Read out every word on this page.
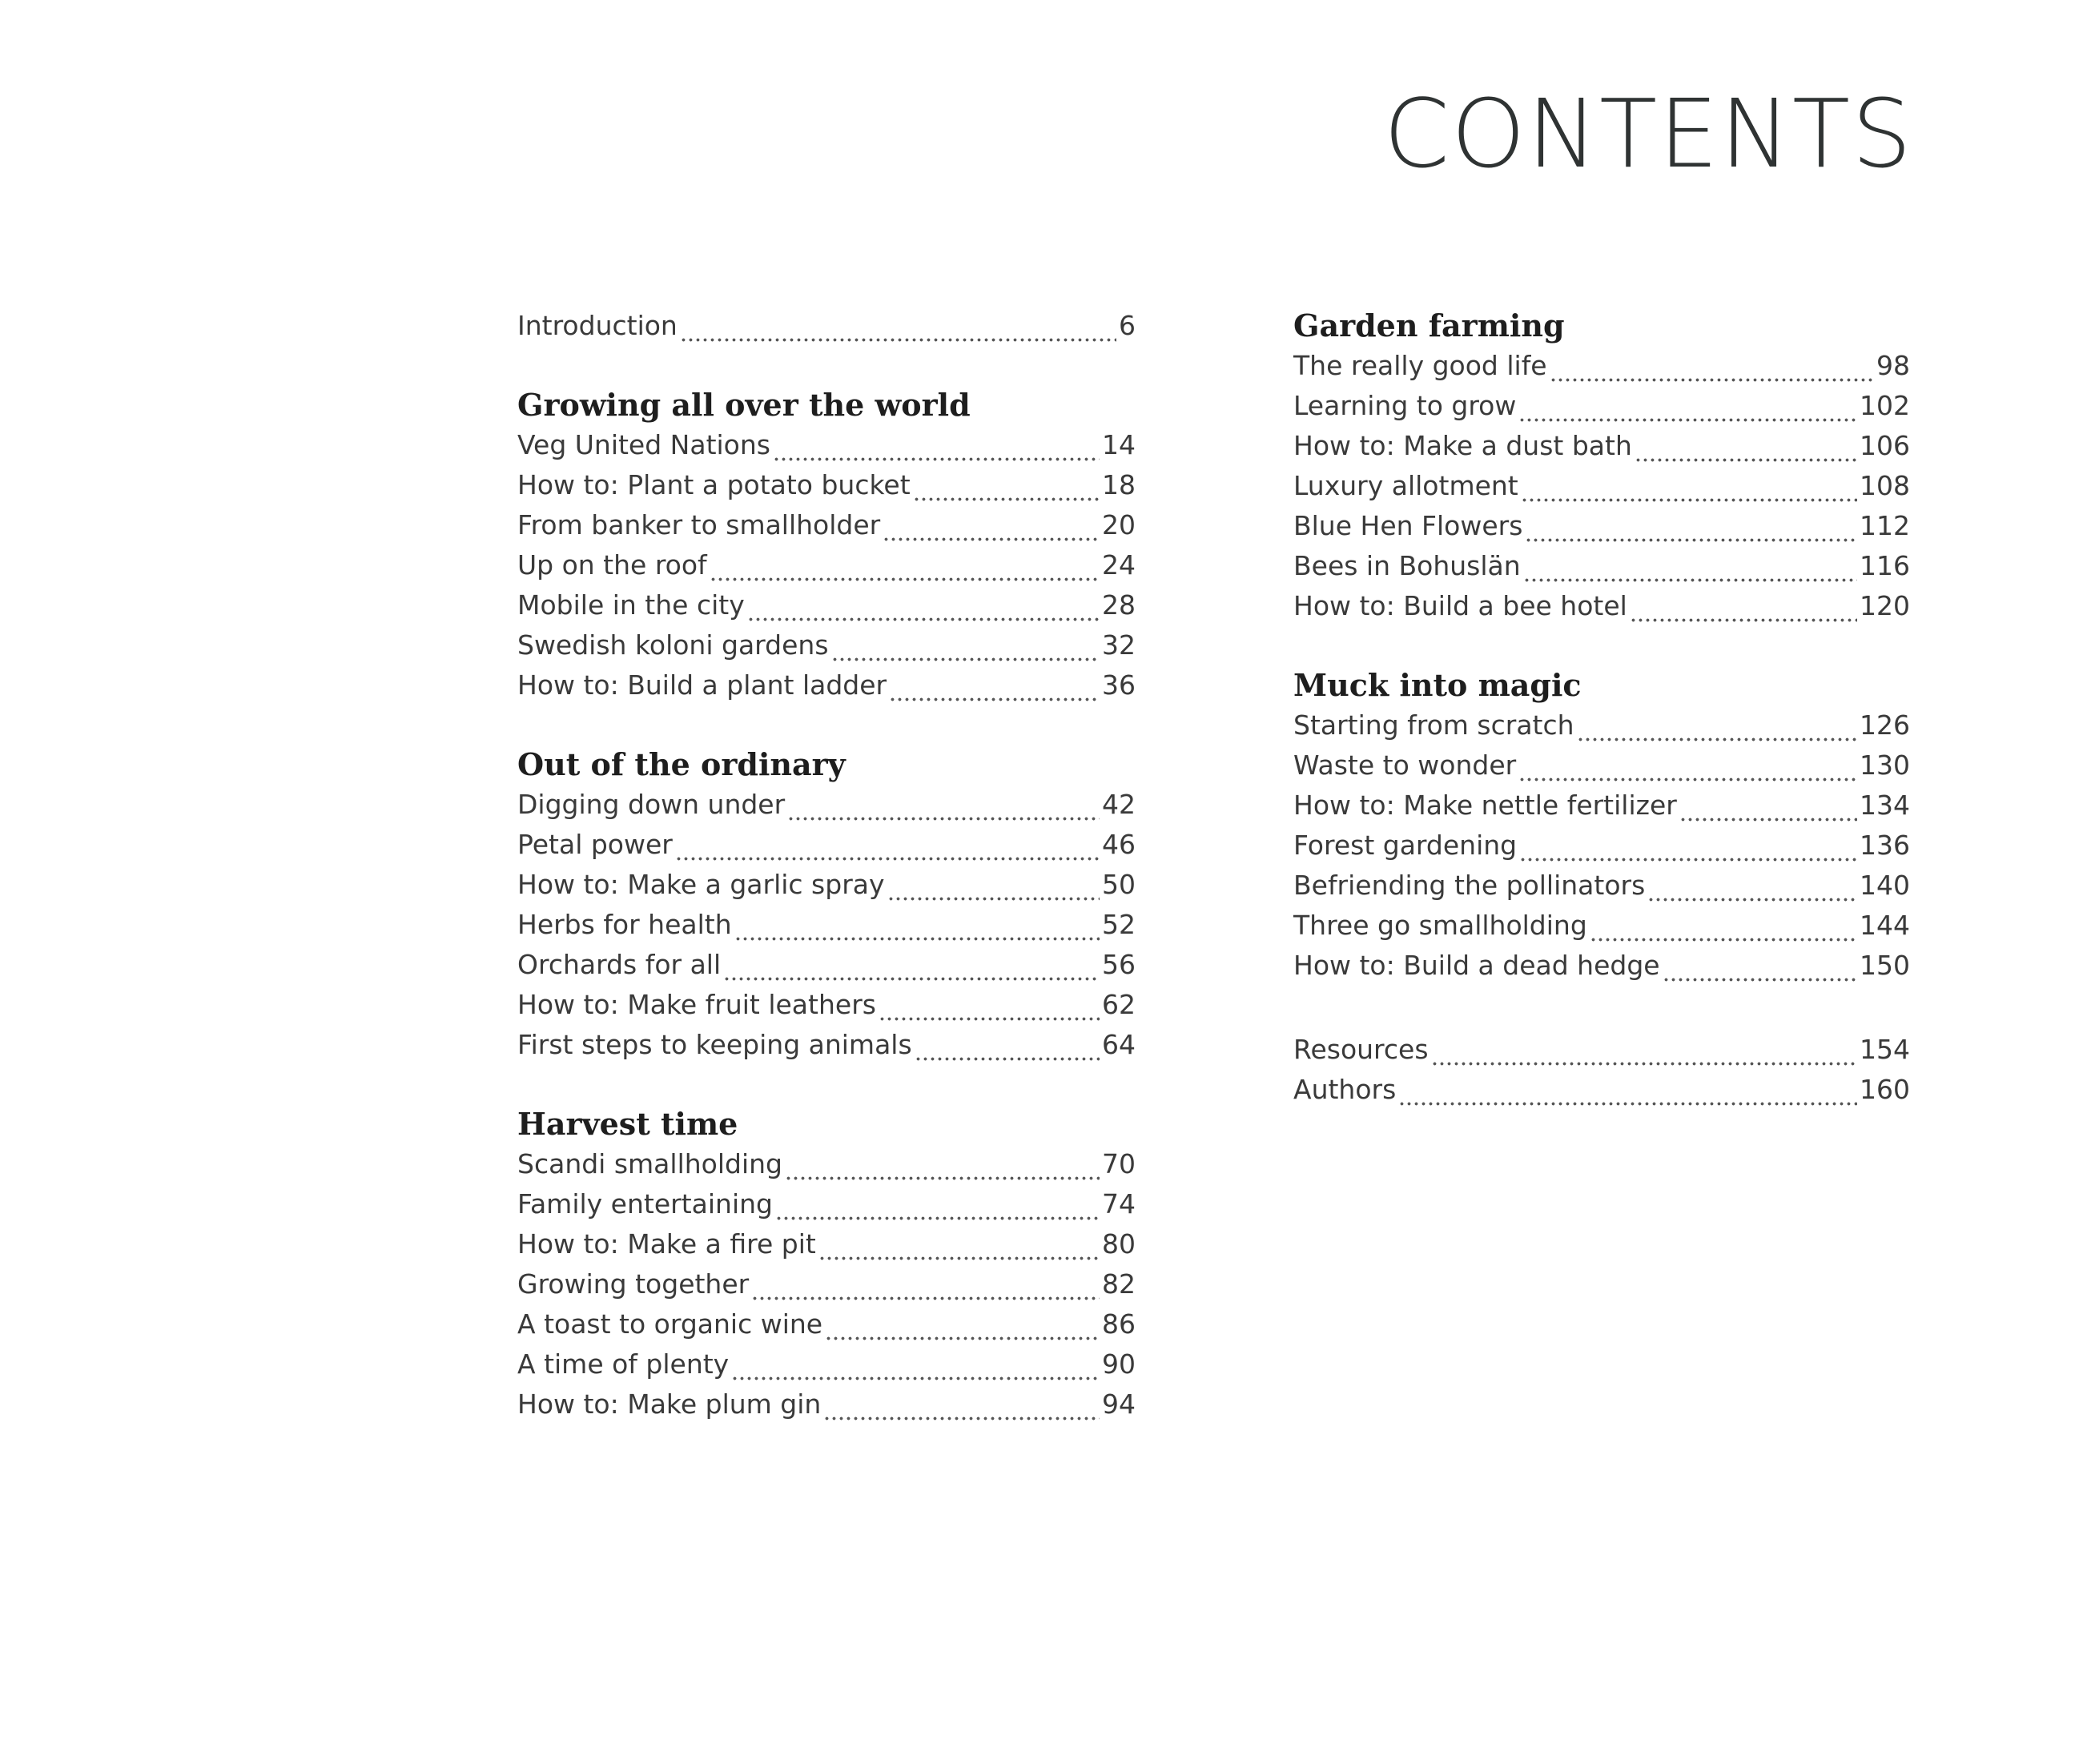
CONTENTS
Introduction	6
Growing all over the world
Veg United Nations	14
How to: Plant a potato bucket	18
From banker to smallholder	20
Up on the roof	24
Mobile in the city	28
Swedish koloni gardens	32
How to: Build a plant ladder	36
Out of the ordinary
Digging down under	42
Petal power	46
How to: Make a garlic spray	50
Herbs for health	52
Orchards for all	56
How to: Make fruit leathers	62
First steps to keeping animals	64
Harvest time
Scandi smallholding	70
Family entertaining	74
How to: Make a fire pit	80
Growing together	82
A toast to organic wine	86
A time of plenty	90
How to: Make plum gin	94
Garden farming
The really good life	98
Learning to grow	102
How to: Make a dust bath	106
Luxury allotment	108
Blue Hen Flowers	112
Bees in Bohuslän	116
How to: Build a bee hotel	120
Muck into magic
Starting from scratch	126
Waste to wonder	130
How to: Make nettle fertilizer	134
Forest gardening	136
Befriending the pollinators	140
Three go smallholding	144
How to: Build a dead hedge	150
Resources	154
Authors	160
